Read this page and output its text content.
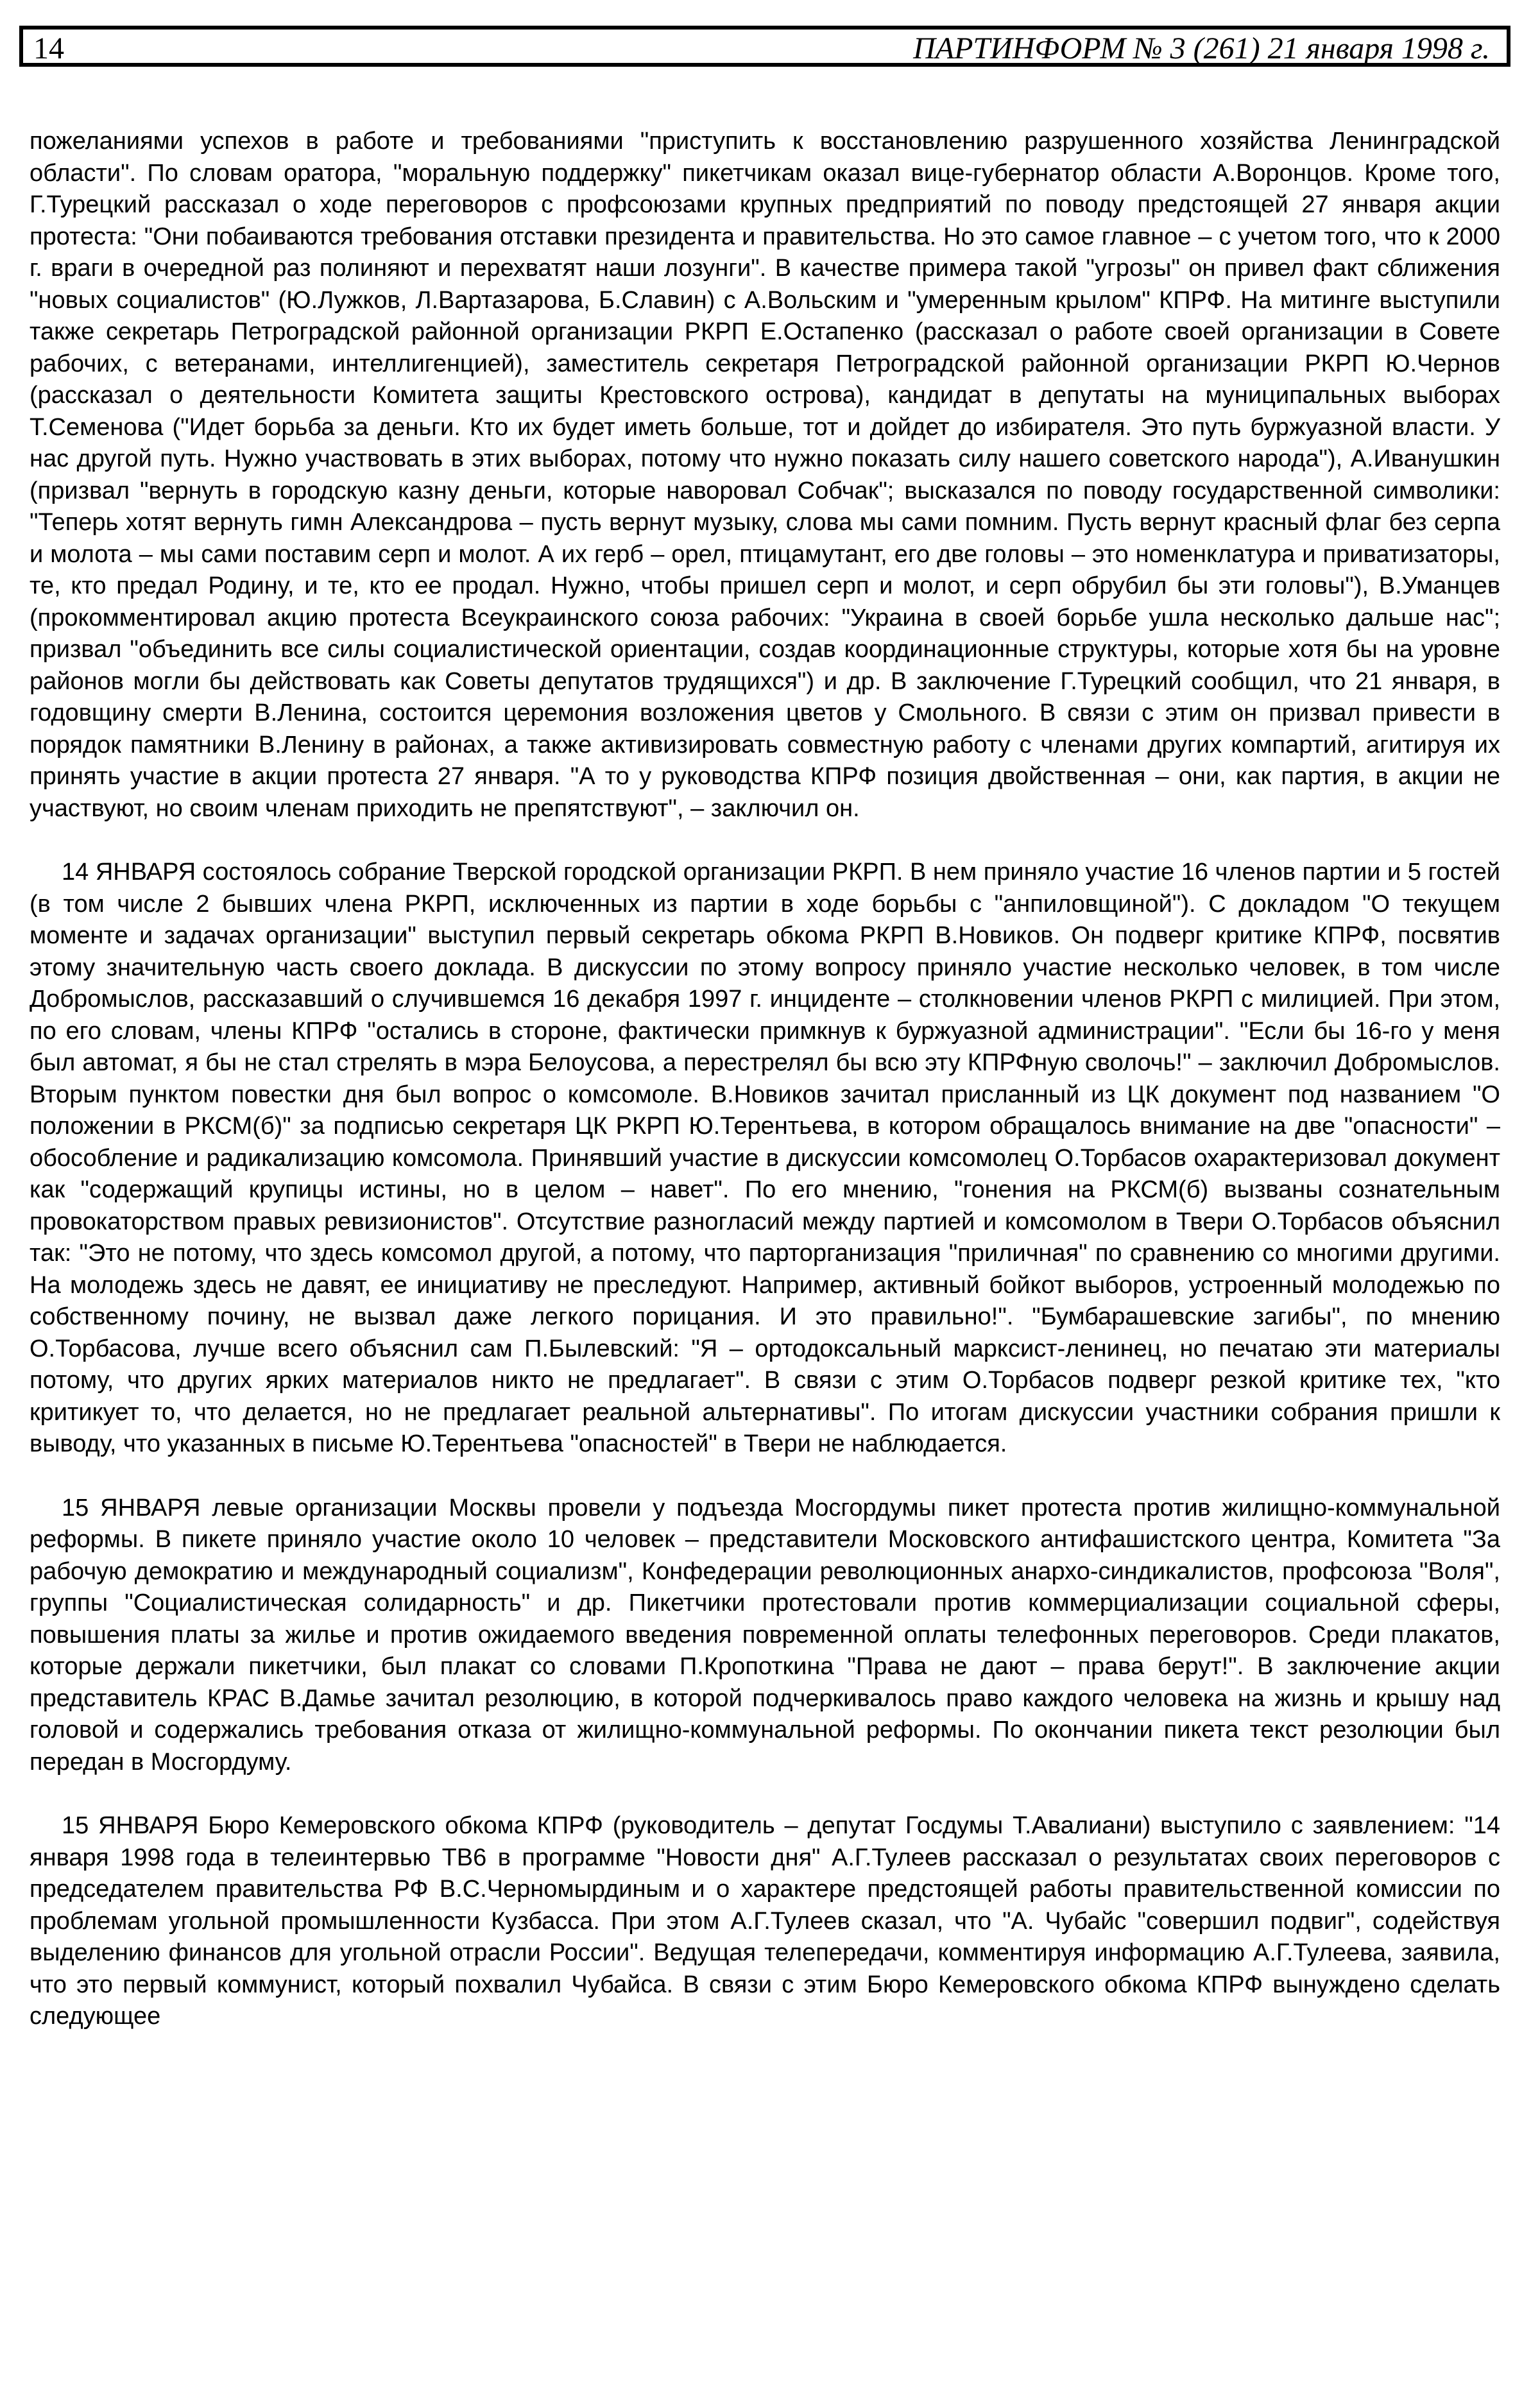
14	ПАРТИНФОРМ № 3 (261) 21 января 1998 г.

пожеланиями успехов в работе и требованиями "приступить к восстановлению разрушенного хозяйства Ленинградской области". По словам оратора, "моральную поддержку" пикетчикам оказал вице-губернатор области А.Воронцов. Кроме того, Г.Турецкий рассказал о ходе переговоров с профсоюзами крупных предприятий по поводу предстоящей 27 января акции протеста: "Они побаиваются требования отставки президента и правительства. Но это самое главное – с учетом того, что к 2000 г. враги в очередной раз полиняют и перехватят наши лозунги". В качестве примера такой "угрозы" он привел факт сближения "новых социалистов" (Ю.Лужков, Л.Вартазарова, Б.Славин) с А.Вольским и "умеренным крылом" КПРФ. На митинге выступили также секретарь Петроградской районной организации РКРП Е.Остапенко (рассказал о работе своей организации в Совете рабочих, с ветеранами, интеллигенцией), заместитель секретаря Петроградской районной организации РКРП Ю.Чернов (рассказал о деятельности Комитета защиты Крестовского острова), кандидат в депутаты на муниципальных выборах Т.Семенова ("Идет борьба за деньги. Кто их будет иметь больше, тот и дойдет до избирателя. Это путь буржуазной власти. У нас другой путь. Нужно участвовать в этих выборах, потому что нужно показать силу нашего советского народа"), А.Иванушкин (призвал "вернуть в городскую казну деньги, которые наворовал Собчак"; высказался по поводу государственной символики: "Теперь хотят вернуть гимн Александрова – пусть вернут музыку, слова мы сами помним. Пусть вернут красный флаг без серпа и молота – мы сами поставим серп и молот. А их герб – орел, птицамутант, его две головы – это номенклатура и приватизаторы, те, кто предал Родину, и те, кто ее продал. Нужно, чтобы пришел серп и молот, и серп обрубил бы эти головы"), В.Уманцев (прокомментировал акцию протеста Всеукраинского союза рабочих: "Украина в своей борьбе ушла несколько дальше нас"; призвал "объединить все силы социалистической ориентации, создав координационные структуры, которые хотя бы на уровне районов могли бы действовать как Советы депутатов трудящихся") и др. В заключение Г.Турецкий сообщил, что 21 января, в годовщину смерти В.Ленина, состоится церемония возложения цветов у Смольного. В связи с этим он призвал привести в порядок памятники В.Ленину в районах, а также активизировать совместную работу с членами других компартий, агитируя их принять участие в акции протеста 27 января. "А то у руководства КПРФ позиция двойственная – они, как партия, в акции не участвуют, но своим членам приходить не препятствуют", – заключил он.

14 ЯНВАРЯ состоялось собрание Тверской городской организации РКРП. В нем приняло участие 16 членов партии и 5 гостей (в том числе 2 бывших члена РКРП, исключенных из партии в ходе борьбы с "анпиловщиной"). С докладом "О текущем моменте и задачах организации" выступил первый секретарь обкома РКРП В.Новиков. Он подверг критике КПРФ, посвятив этому значительную часть своего доклада. В дискуссии по этому вопросу приняло участие несколько человек, в том числе Добромыслов, рассказавший о случившемся 16 декабря 1997 г. инциденте – столкновении членов РКРП с милицией. При этом, по его словам, члены КПРФ "остались в стороне, фактически примкнув к буржуазной администрации". "Если бы 16-го у меня был автомат, я бы не стал стрелять в мэра Белоусова, а перестрелял бы всю эту КПРФную сволочь!" – заключил Добромыслов. Вторым пунктом повестки дня был вопрос о комсомоле. В.Новиков зачитал присланный из ЦК документ под названием "О положении в РКСМ(б)" за подписью секретаря ЦК РКРП Ю.Терентьева, в котором обращалось внимание на две "опасности" – обособление и радикализацию комсомола. Принявший участие в дискуссии комсомолец О.Торбасов охарактеризовал документ как "содержащий крупицы истины, но в целом – навет". По его мнению, "гонения на РКСМ(б) вызваны сознательным провокаторством правых ревизионистов". Отсутствие разногласий между партией и комсомолом в Твери О.Торбасов объяснил так: "Это не потому, что здесь комсомол другой, а потому, что парторганизация "приличная" по сравнению со многими другими. На молодежь здесь не давят, ее инициативу не преследуют. Например, активный бойкот выборов, устроенный молодежью по собственному почину, не вызвал даже легкого порицания. И это правильно!". "Бумбарашевские загибы", по мнению О.Торбасова, лучше всего объяснил сам П.Былевский: "Я – ортодоксальный марксист-ленинец, но печатаю эти материалы потому, что других ярких материалов никто не предлагает". В связи с этим О.Торбасов подверг резкой критике тех, "кто критикует то, что делается, но не предлагает реальной альтернативы". По итогам дискуссии участники собрания пришли к выводу, что указанных в письме Ю.Терентьева "опасностей" в Твери не наблюдается.

15 ЯНВАРЯ левые организации Москвы провели у подъезда Мосгордумы пикет протеста против жилищно-коммунальной реформы. В пикете приняло участие около 10 человек – представители Московского антифашистского центра, Комитета "За рабочую демократию и международный социализм", Конфедерации революционных анархо-синдикалистов, профсоюза "Воля", группы "Социалистическая солидарность" и др. Пикетчики протестовали против коммерциализации социальной сферы, повышения платы за жилье и против ожидаемого введения повременной оплаты телефонных переговоров. Среди плакатов, которые держали пикетчики, был плакат со словами П.Кропоткина "Права не дают – права берут!". В заключение акции представитель КРАС В.Дамье зачитал резолюцию, в которой подчеркивалось право каждого человека на жизнь и крышу над головой и содержались требования отказа от жилищно-коммунальной реформы. По окончании пикета текст резолюции был передан в Мосгордуму.

15 ЯНВАРЯ Бюро Кемеровского обкома КПРФ (руководитель – депутат Госдумы Т.Авалиани) выступило с заявлением: "14 января 1998 года в телеинтервью ТВ6 в программе "Новости дня" А.Г.Тулеев рассказал о результатах своих переговоров с председателем правительства РФ В.С.Черномырдиным и о характере предстоящей работы правительственной комиссии по проблемам угольной промышленности Кузбасса. При этом А.Г.Тулеев сказал, что "А. Чубайс "совершил подвиг", содействуя выделению финансов для угольной отрасли России". Ведущая телепередачи, комментируя информацию А.Г.Тулеева, заявила, что это первый коммунист, который похвалил Чубайса. В связи с этим Бюро Кемеровского обкома КПРФ вынуждено сделать следующее
